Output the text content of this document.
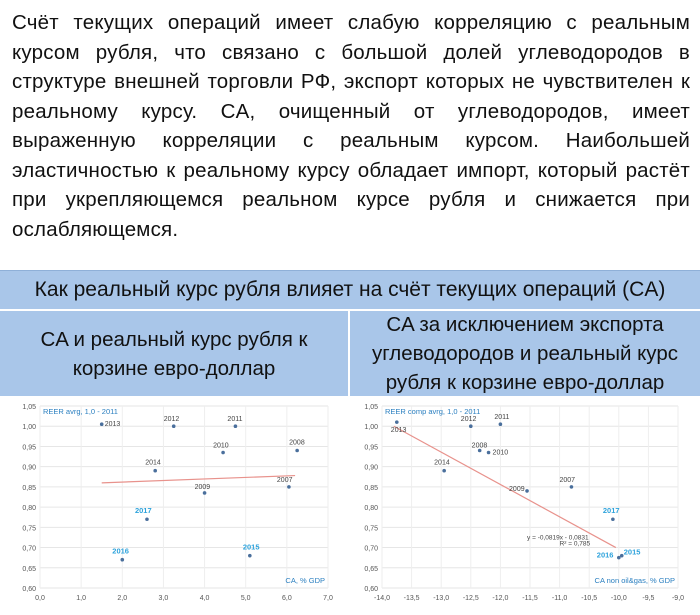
Счёт текущих операций имеет слабую корреляцию с реальным курсом рубля, что связано с большой долей углеводородов в структуре внешней торговли РФ, экспорт которых не чувствителен к реальному курсу. CA, очищенный от углеводородов, имеет выраженную корреляции с реальным курсом. Наибольшей эластичностью к реальному курсу обладает импорт, который растёт при укрепляющемся реальном курсе рубля и снижается при ослабляющемся.
Как реальный курс рубля влияет на счёт текущих операций (CA)
CA и реальный курс рубля к корзине евро-доллар
CA за исключением экспорта углеводородов и реальный курс рубля к корзине евро-доллар
0,60
0,65
0,70
0,75
0,80
0,85
0,90
0,95
1,00
1,05
0,0	1,0	2,0	3,0	4,0	5,0	6,0	7,0
REER avrg, 1,0 - 2011
CA, % GDP
2013
2012	2011
2010	2008
2014
2009
2007
2017
2016	2015
0,60
0,65
0,70
0,75
0,80
0,85
0,90
0,95
1,00
1,05
-14,0 -13,5 -13,0 -12,5 -12,0 -11,5 -11,0 -10,5 -10,0 -9,5	-9,0
REER comp avrg, 1,0 - 2011
CA non oil&gas, % GDP
y = -0,0819x - 0,0831
R² = 0,785
2013
2012	2011
2008
2010
2014
2009
2007
2017
2016 2015
